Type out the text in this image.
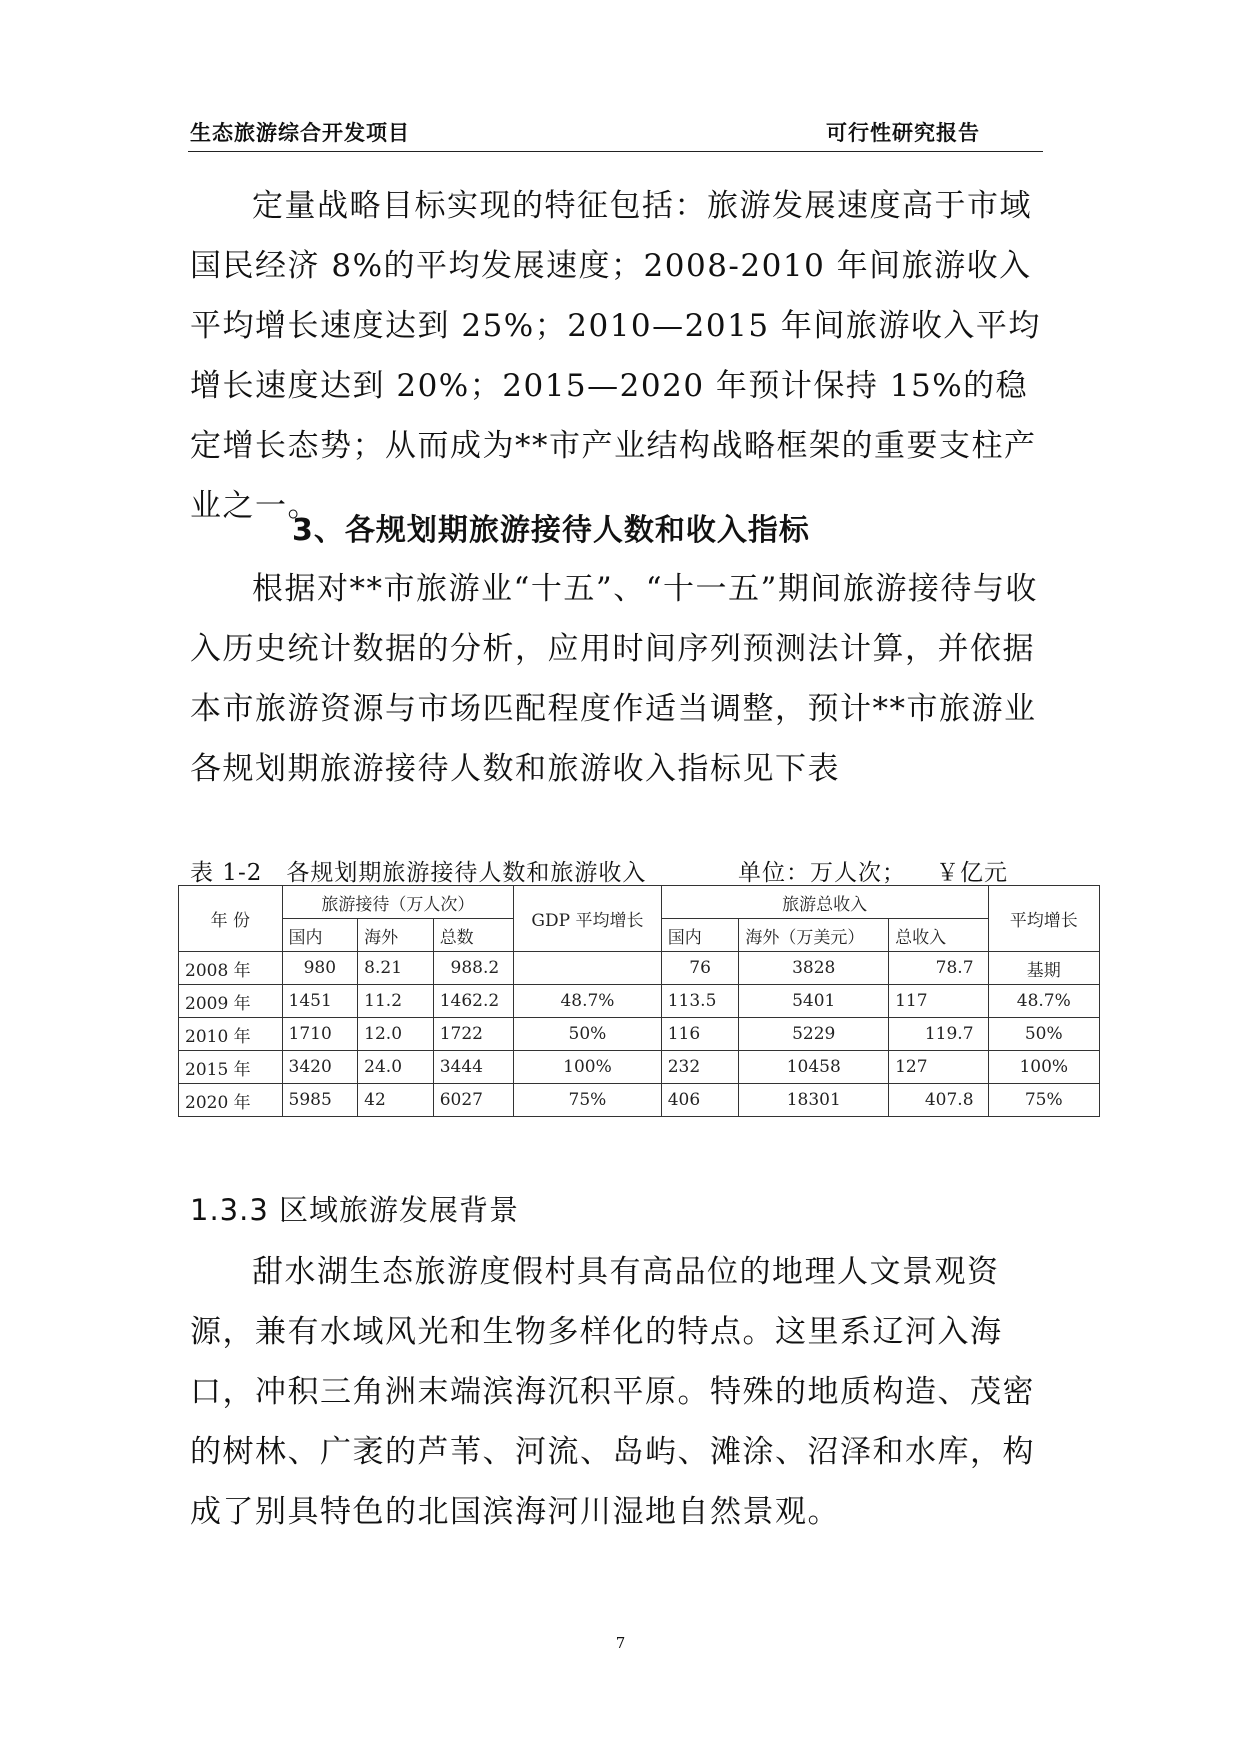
生态旅游综合开发项目	可行性研究报告

定量战略目标实现的特征包括：旅游发展速度高于市域国民经济 8%的平均发展速度；2008-2010 年间旅游收入平均增长速度达到 25%；2010—2015 年间旅游收入平均增长速度达到 20%；2015—2020 年预计保持 15%的稳定增长态势；从而成为**市产业结构战略框架的重要支柱产业之一。

3、各规划期旅游接待人数和收入指标

根据对**市旅游业“十五”、“十一五”期间旅游接待与收入历史统计数据的分析，应用时间序列预测法计算，并依据本市旅游资源与市场匹配程度作适当调整，预计**市旅游业各规划期旅游接待人数和旅游收入指标见下表

表 1-2　各规划期旅游接待人数和旅游收入	单位：万人次； ￥亿元
年 份	旅游接待（万人次）			GDP 平均增长	旅游总收入			平均增长
	国内	海外	总数		国内	海外（万美元）	总收入	
2008 年	980	8.21	988.2		76	3828	78.7	基期
2009 年	1451	11.2	1462.2	48.7%	113.5	5401	117	48.7%
2010 年	1710	12.0	1722	50%	116	5229	119.7	50%
2015 年	3420	24.0	3444	100%	232	10458	127	100%
2020 年	5985	42	6027	75%	406	18301	407.8	75%
1.3.3 区域旅游发展背景

甜水湖生态旅游度假村具有高品位的地理人文景观资源，兼有水域风光和生物多样化的特点。这里系辽河入海口，冲积三角洲末端滨海沉积平原。特殊的地质构造、茂密的树林、广袤的芦苇、河流、岛屿、滩涂、沼泽和水库，构成了别具特色的北国滨海河川湿地自然景观。

7
